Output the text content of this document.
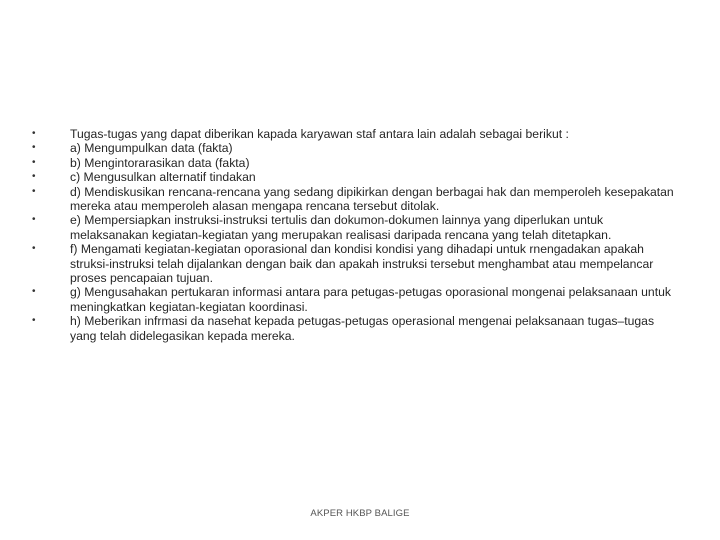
•	Tugas-tugas yang dapat diberikan kapada karyawan staf antara lain adalah sebagai berikut :
•	a) Mengumpulkan data (fakta)
•	b) Mengintorarasikan data (fakta)
•	c) Mengusulkan alternatif tindakan
•	d) Mendiskusikan rencana-rencana yang sedang dipikirkan dengan berbagai hak dan memperoleh kesepakatan mereka atau memperoleh alasan mengapa rencana tersebut ditolak.
•	e) Mempersiapkan instruksi-instruksi tertulis dan dokumon-dokumen lainnya yang diperlukan untuk melaksanakan kegiatan-kegiatan yang merupakan realisasi daripada rencana yang telah ditetapkan.
•	f) Mengamati kegiatan-kegiatan oporasional dan kondisi kondisi yang dihadapi untuk rnengadakan apakah struksi-instruksi telah dijalankan dengan baik dan apakah instruksi tersebut menghambat atau mempelancar proses pencapaian tujuan.
•	g) Mengusahakan pertukaran informasi antara para petugas-petugas oporasional mongenai pelaksanaan untuk meningkatkan kegiatan-kegiatan koordinasi.
•	h) Meberikan infrmasi da nasehat kepada petugas-petugas operasional mengenai pelaksanaan tugas–tugas yang telah didelegasikan kepada mereka.
AKPER HKBP BALIGE
